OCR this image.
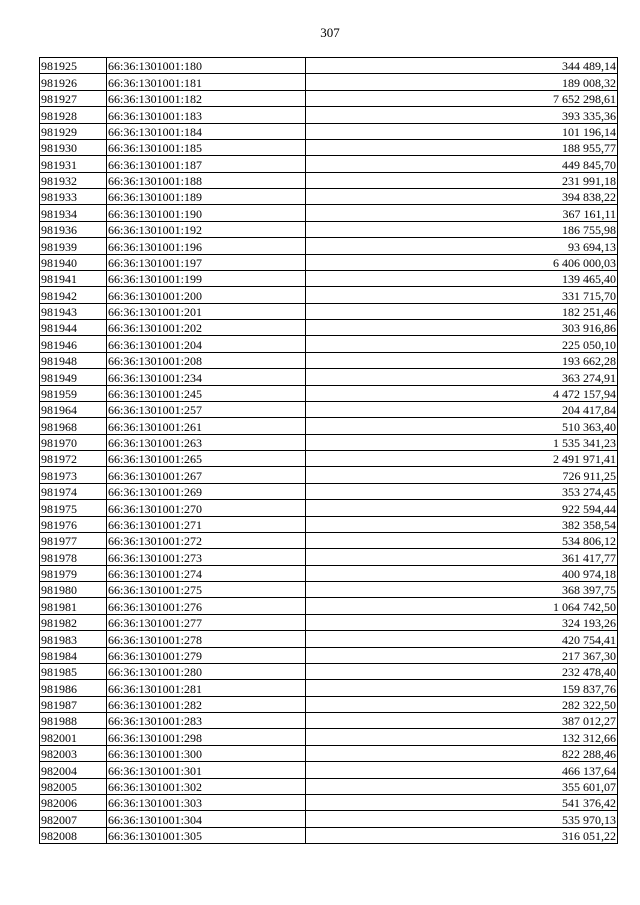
307
981925	66:36:1301001:180	344 489,14
981926	66:36:1301001:181	189 008,32
981927	66:36:1301001:182	7 652 298,61
981928	66:36:1301001:183	393 335,36
981929	66:36:1301001:184	101 196,14
981930	66:36:1301001:185	188 955,77
981931	66:36:1301001:187	449 845,70
981932	66:36:1301001:188	231 991,18
981933	66:36:1301001:189	394 838,22
981934	66:36:1301001:190	367 161,11
981936	66:36:1301001:192	186 755,98
981939	66:36:1301001:196	93 694,13
981940	66:36:1301001:197	6 406 000,03
981941	66:36:1301001:199	139 465,40
981942	66:36:1301001:200	331 715,70
981943	66:36:1301001:201	182 251,46
981944	66:36:1301001:202	303 916,86
981946	66:36:1301001:204	225 050,10
981948	66:36:1301001:208	193 662,28
981949	66:36:1301001:234	363 274,91
981959	66:36:1301001:245	4 472 157,94
981964	66:36:1301001:257	204 417,84
981968	66:36:1301001:261	510 363,40
981970	66:36:1301001:263	1 535 341,23
981972	66:36:1301001:265	2 491 971,41
981973	66:36:1301001:267	726 911,25
981974	66:36:1301001:269	353 274,45
981975	66:36:1301001:270	922 594,44
981976	66:36:1301001:271	382 358,54
981977	66:36:1301001:272	534 806,12
981978	66:36:1301001:273	361 417,77
981979	66:36:1301001:274	400 974,18
981980	66:36:1301001:275	368 397,75
981981	66:36:1301001:276	1 064 742,50
981982	66:36:1301001:277	324 193,26
981983	66:36:1301001:278	420 754,41
981984	66:36:1301001:279	217 367,30
981985	66:36:1301001:280	232 478,40
981986	66:36:1301001:281	159 837,76
981987	66:36:1301001:282	282 322,50
981988	66:36:1301001:283	387 012,27
982001	66:36:1301001:298	132 312,66
982003	66:36:1301001:300	822 288,46
982004	66:36:1301001:301	466 137,64
982005	66:36:1301001:302	355 601,07
982006	66:36:1301001:303	541 376,42
982007	66:36:1301001:304	535 970,13
982008	66:36:1301001:305	316 051,22
